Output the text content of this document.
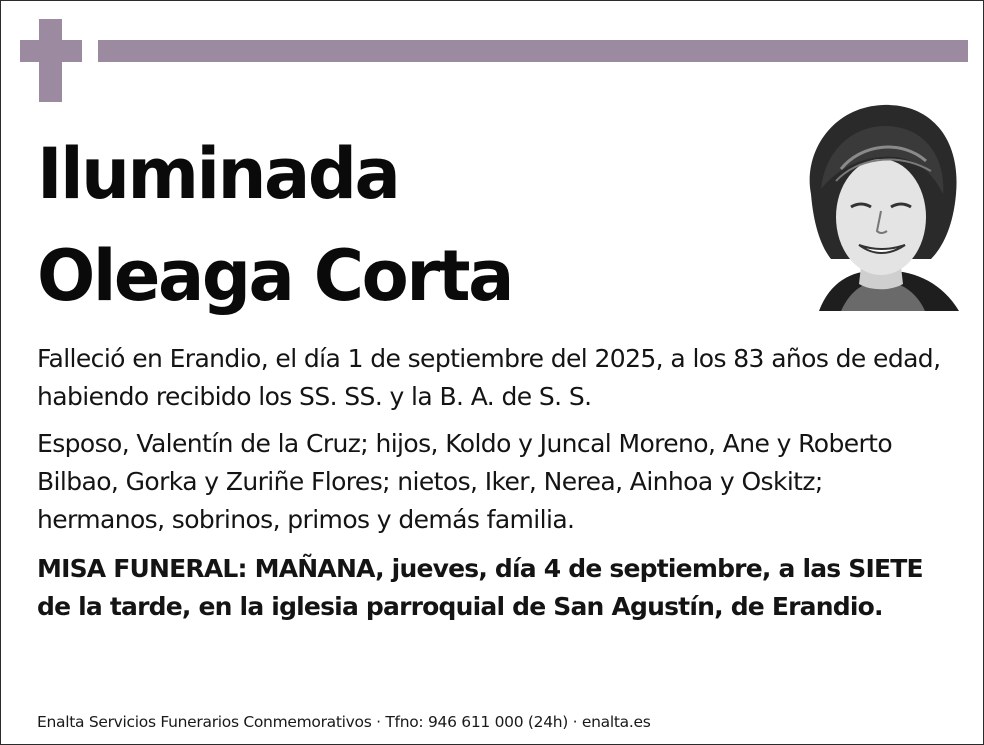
Iluminada
Oleaga Corta

Falleció en Erandio, el día 1 de septiembre del 2025, a los 83 años de edad, habiendo recibido los SS. SS. y la B. A. de S. S.

Esposo, Valentín de la Cruz; hijos, Koldo y Juncal Moreno, Ane y Roberto Bilbao, Gorka y Zuriñe Flores; nietos, Iker, Nerea, Ainhoa y Oskitz; hermanos, sobrinos, primos y demás familia.

MISA FUNERAL: MAÑANA, jueves, día 4 de septiembre, a las SIETE de la tarde, en la iglesia parroquial de San Agustín, de Erandio.

Enalta Servicios Funerarios Conmemorativos · Tfno: 946 611 000 (24h) · enalta.es
